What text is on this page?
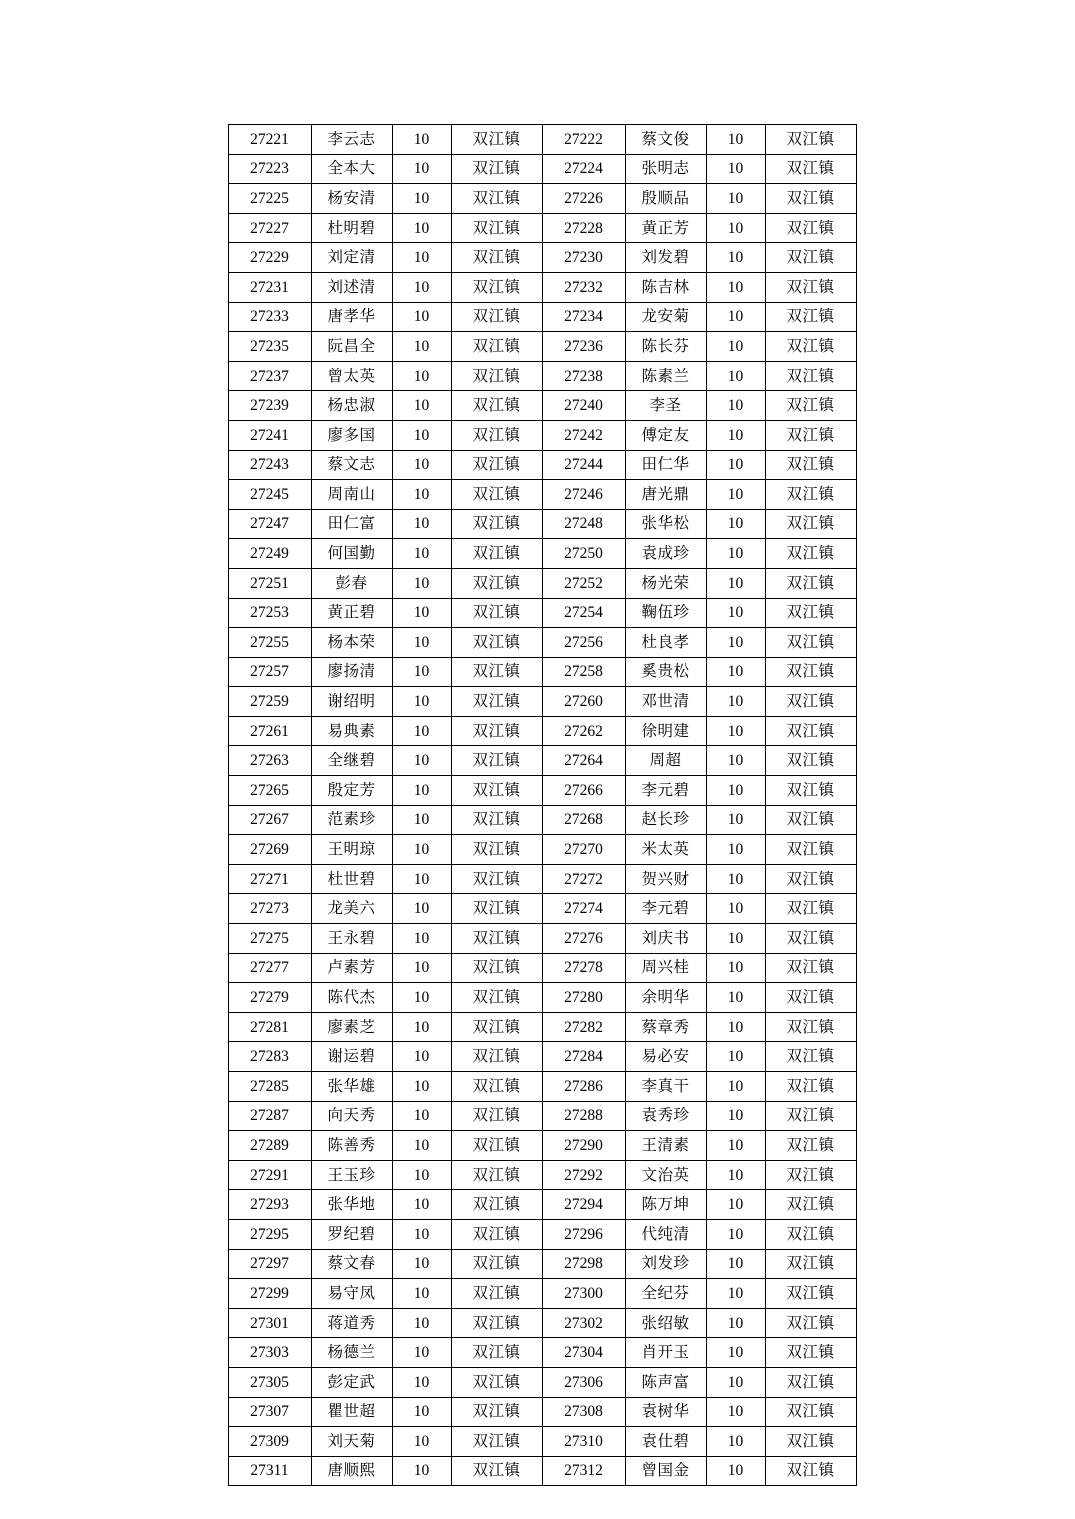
27221	李云志	10	双江镇	27222	蔡文俊	10	双江镇
27223	全本大	10	双江镇	27224	张明志	10	双江镇
27225	杨安清	10	双江镇	27226	殷顺品	10	双江镇
27227	杜明碧	10	双江镇	27228	黄正芳	10	双江镇
27229	刘定清	10	双江镇	27230	刘发碧	10	双江镇
27231	刘述清	10	双江镇	27232	陈吉林	10	双江镇
27233	唐孝华	10	双江镇	27234	龙安菊	10	双江镇
27235	阮昌全	10	双江镇	27236	陈长芬	10	双江镇
27237	曾太英	10	双江镇	27238	陈素兰	10	双江镇
27239	杨忠淑	10	双江镇	27240	李圣	10	双江镇
27241	廖多国	10	双江镇	27242	傅定友	10	双江镇
27243	蔡文志	10	双江镇	27244	田仁华	10	双江镇
27245	周南山	10	双江镇	27246	唐光鼎	10	双江镇
27247	田仁富	10	双江镇	27248	张华松	10	双江镇
27249	何国勤	10	双江镇	27250	袁成珍	10	双江镇
27251	彭春	10	双江镇	27252	杨光荣	10	双江镇
27253	黄正碧	10	双江镇	27254	鞠伍珍	10	双江镇
27255	杨本荣	10	双江镇	27256	杜良孝	10	双江镇
27257	廖扬清	10	双江镇	27258	奚贵松	10	双江镇
27259	谢绍明	10	双江镇	27260	邓世清	10	双江镇
27261	易典素	10	双江镇	27262	徐明建	10	双江镇
27263	全继碧	10	双江镇	27264	周超	10	双江镇
27265	殷定芳	10	双江镇	27266	李元碧	10	双江镇
27267	范素珍	10	双江镇	27268	赵长珍	10	双江镇
27269	王明琼	10	双江镇	27270	米太英	10	双江镇
27271	杜世碧	10	双江镇	27272	贺兴财	10	双江镇
27273	龙美六	10	双江镇	27274	李元碧	10	双江镇
27275	王永碧	10	双江镇	27276	刘庆书	10	双江镇
27277	卢素芳	10	双江镇	27278	周兴桂	10	双江镇
27279	陈代杰	10	双江镇	27280	余明华	10	双江镇
27281	廖素芝	10	双江镇	27282	蔡章秀	10	双江镇
27283	谢运碧	10	双江镇	27284	易必安	10	双江镇
27285	张华雄	10	双江镇	27286	李真干	10	双江镇
27287	向天秀	10	双江镇	27288	袁秀珍	10	双江镇
27289	陈善秀	10	双江镇	27290	王清素	10	双江镇
27291	王玉珍	10	双江镇	27292	文治英	10	双江镇
27293	张华地	10	双江镇	27294	陈万坤	10	双江镇
27295	罗纪碧	10	双江镇	27296	代纯清	10	双江镇
27297	蔡文春	10	双江镇	27298	刘发珍	10	双江镇
27299	易守凤	10	双江镇	27300	全纪芬	10	双江镇
27301	蒋道秀	10	双江镇	27302	张绍敏	10	双江镇
27303	杨德兰	10	双江镇	27304	肖开玉	10	双江镇
27305	彭定武	10	双江镇	27306	陈声富	10	双江镇
27307	瞿世超	10	双江镇	27308	袁树华	10	双江镇
27309	刘天菊	10	双江镇	27310	袁仕碧	10	双江镇
27311	唐顺熙	10	双江镇	27312	曾国金	10	双江镇
